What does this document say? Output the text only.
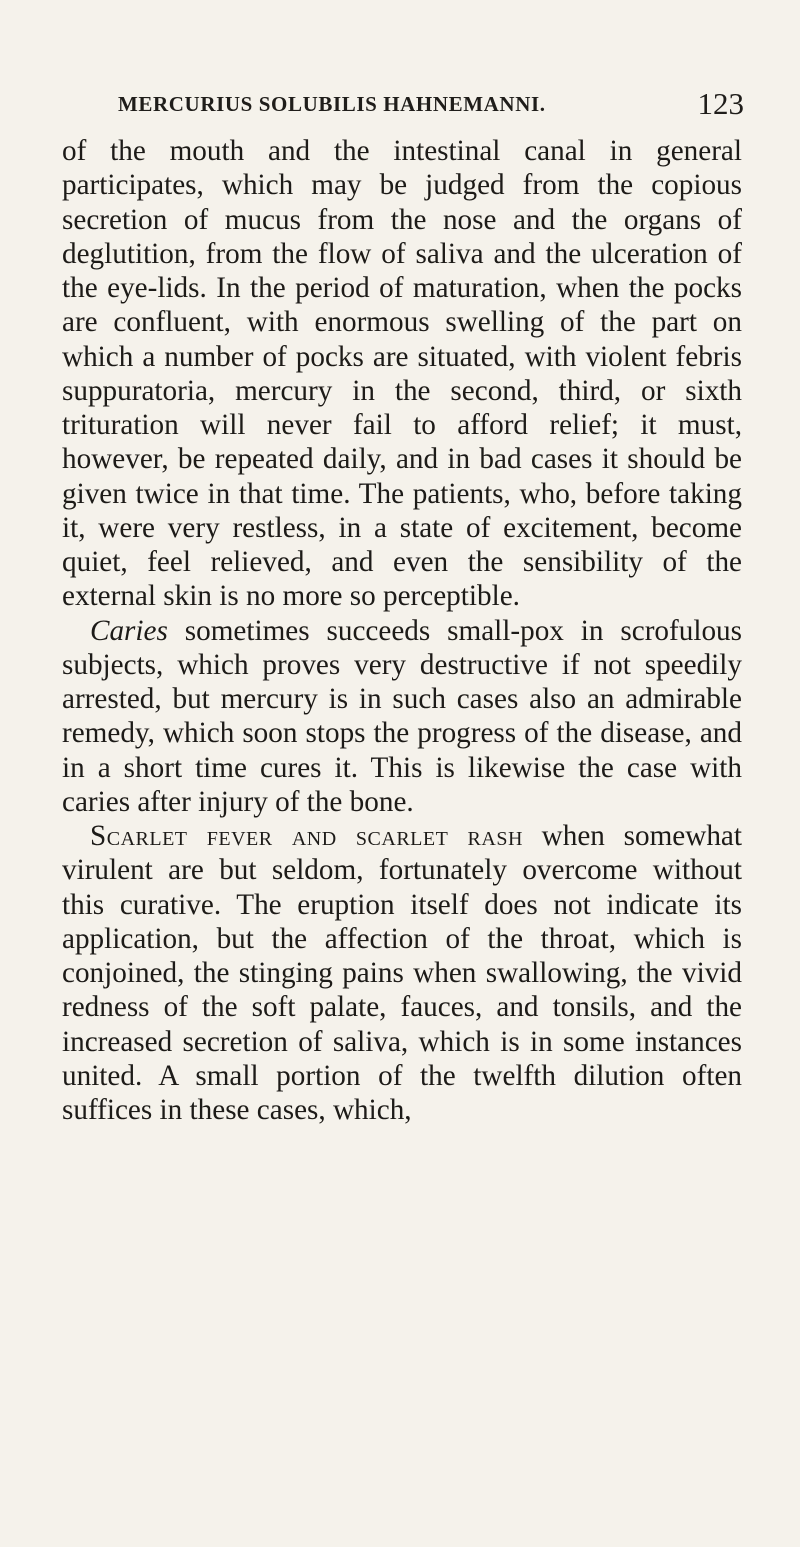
MERCURIUS SOLUBILIS HAHNEMANNI.	123

of the mouth and the intestinal canal in general participates, which may be judged from the copious secretion of mucus from the nose and the organs of deglutition, from the flow of saliva and the ulceration of the eye-lids. In the period of maturation, when the pocks are confluent, with enormous swelling of the part on which a number of pocks are situated, with violent febris suppuratoria, mercury in the second, third, or sixth trituration will never fail to afford relief; it must, however, be repeated daily, and in bad cases it should be given twice in that time. The patients, who, before taking it, were very restless, in a state of excitement, become quiet, feel relieved, and even the sensibility of the external skin is no more so perceptible.

Caries sometimes succeeds small-pox in scrofulous subjects, which proves very destructive if not speedily arrested, but mercury is in such cases also an admirable remedy, which soon stops the progress of the disease, and in a short time cures it. This is likewise the case with caries after injury of the bone.

Scarlet fever and scarlet rash when somewhat virulent are but seldom, fortunately overcome without this curative. The eruption itself does not indicate its application, but the affection of the throat, which is conjoined, the stinging pains when swallowing, the vivid redness of the soft palate, fauces, and tonsils, and the increased secretion of saliva, which is in some instances united. A small portion of the twelfth dilution often suffices in these cases, which,
